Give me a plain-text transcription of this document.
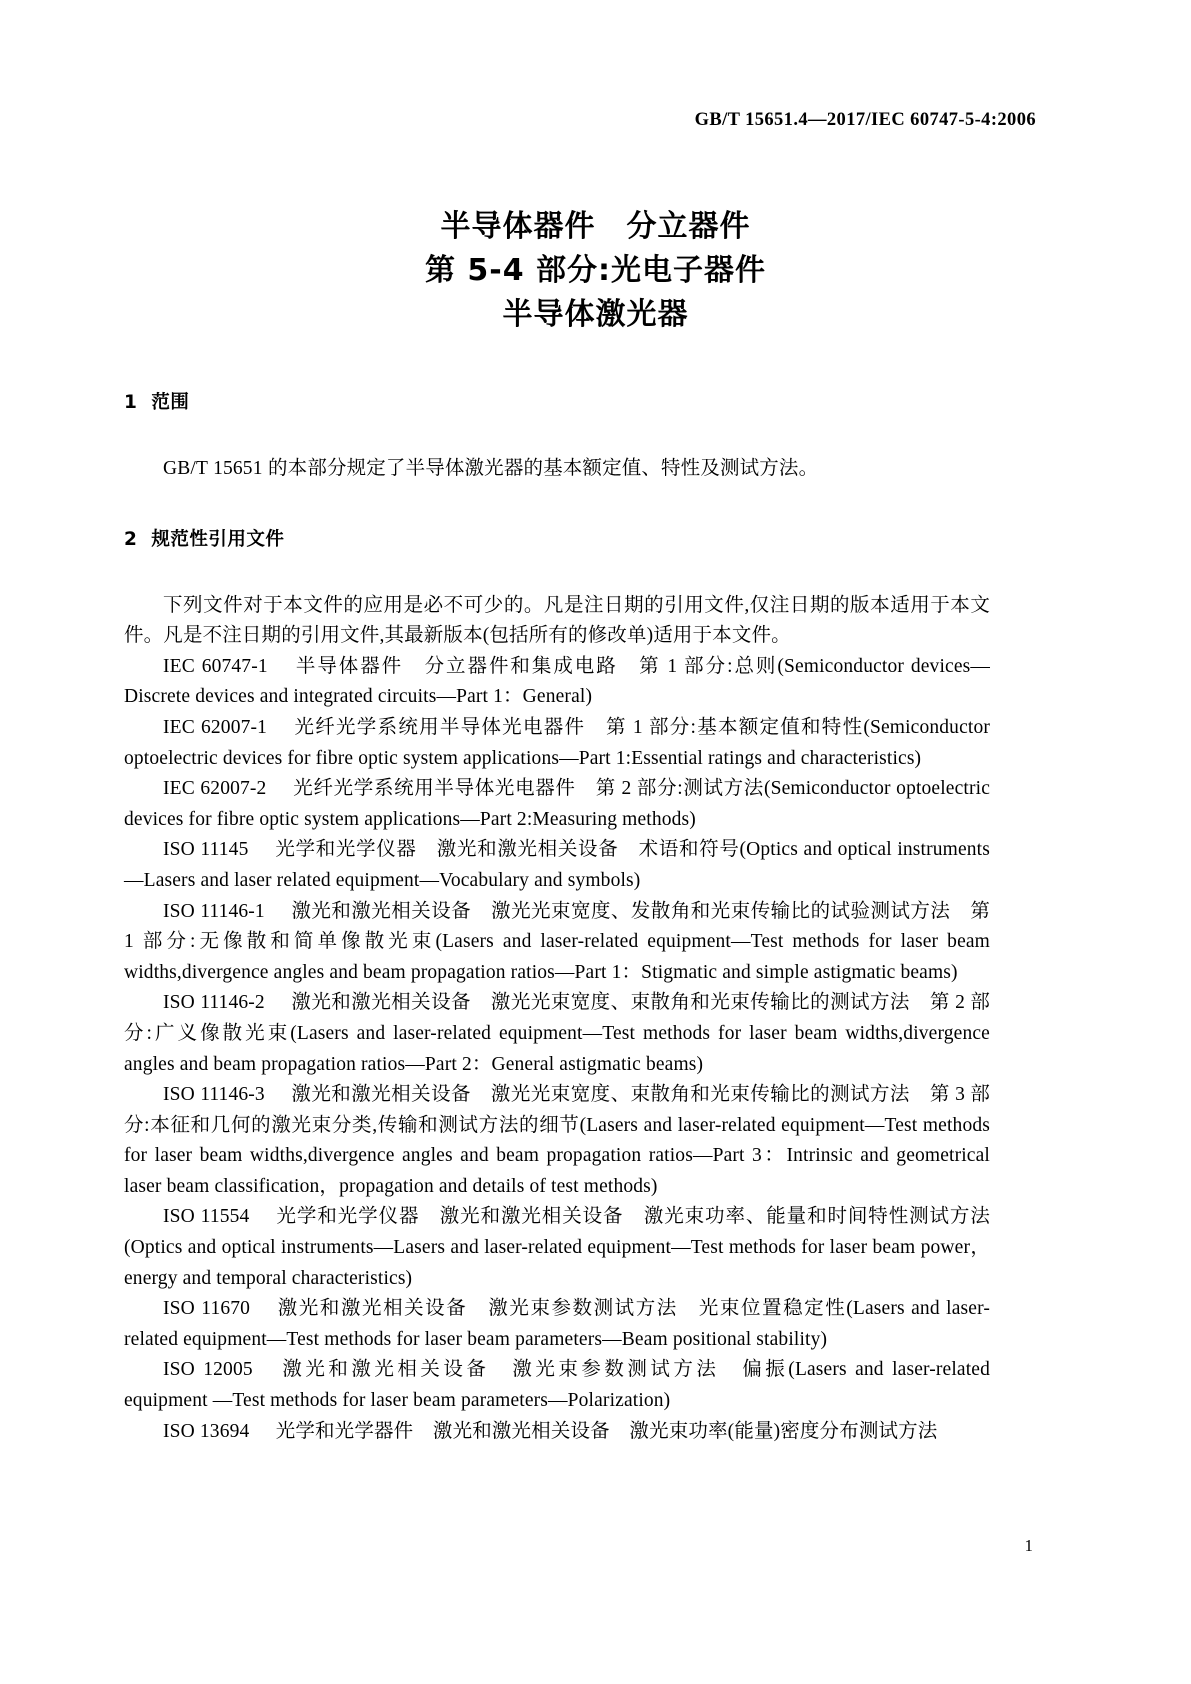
GB/T 15651.4—2017/IEC 60747-5-4:2006
半导体器件　分立器件
第 5-4 部分:光电子器件
半导体激光器
1 范围

GB/T 15651 的本部分规定了半导体激光器的基本额定值、特性及测试方法。

2 规范性引用文件

下列文件对于本文件的应用是必不可少的。凡是注日期的引用文件,仅注日期的版本适用于本文件。凡是不注日期的引用文件,其最新版本(包括所有的修改单)适用于本文件。

IEC 60747-1 半导体器件　分立器件和集成电路　第 1 部分:总则(Semiconductor devices—Discrete devices and integrated circuits—Part 1：General)

IEC 62007-1 光纤光学系统用半导体光电器件　第 1 部分:基本额定值和特性(Semiconductor optoelectric devices for fibre optic system applications—Part 1:Essential ratings and characteristics)

IEC 62007-2 光纤光学系统用半导体光电器件　第 2 部分:测试方法(Semiconductor optoelectric devices for fibre optic system applications—Part 2:Measuring methods)

ISO 11145 光学和光学仪器　激光和激光相关设备　术语和符号(Optics and optical instruments —Lasers and laser related equipment—Vocabulary and symbols)

ISO 11146-1 激光和激光相关设备　激光光束宽度、发散角和光束传输比的试验测试方法　第 1 部分:无像散和简单像散光束(Lasers and laser-related equipment—Test methods for laser beam widths,divergence angles and beam propagation ratios—Part 1：Stigmatic and simple astigmatic beams)

ISO 11146-2 激光和激光相关设备　激光光束宽度、束散角和光束传输比的测试方法　第 2 部分:广义像散光束(Lasers and laser-related equipment—Test methods for laser beam widths,divergence angles and beam propagation ratios—Part 2：General astigmatic beams)

ISO 11146-3 激光和激光相关设备　激光光束宽度、束散角和光束传输比的测试方法　第 3 部分:本征和几何的激光束分类,传输和测试方法的细节(Lasers and laser-related equipment—Test methods for laser beam widths,divergence angles and beam propagation ratios—Part 3：Intrinsic and geometrical laser beam classification，propagation and details of test methods)

ISO 11554 光学和光学仪器　激光和激光相关设备　激光束功率、能量和时间特性测试方法(Optics and optical instruments—Lasers and laser-related equipment—Test methods for laser beam power，energy and temporal characteristics)

ISO 11670 激光和激光相关设备　激光束参数测试方法　光束位置稳定性(Lasers and laser-related equipment—Test methods for laser beam parameters—Beam positional stability)

ISO 12005 激光和激光相关设备　激光束参数测试方法　偏振(Lasers and laser-related equipment —Test methods for laser beam parameters—Polarization)

ISO 13694 光学和光学器件　激光和激光相关设备　激光束功率(能量)密度分布测试方法

1
